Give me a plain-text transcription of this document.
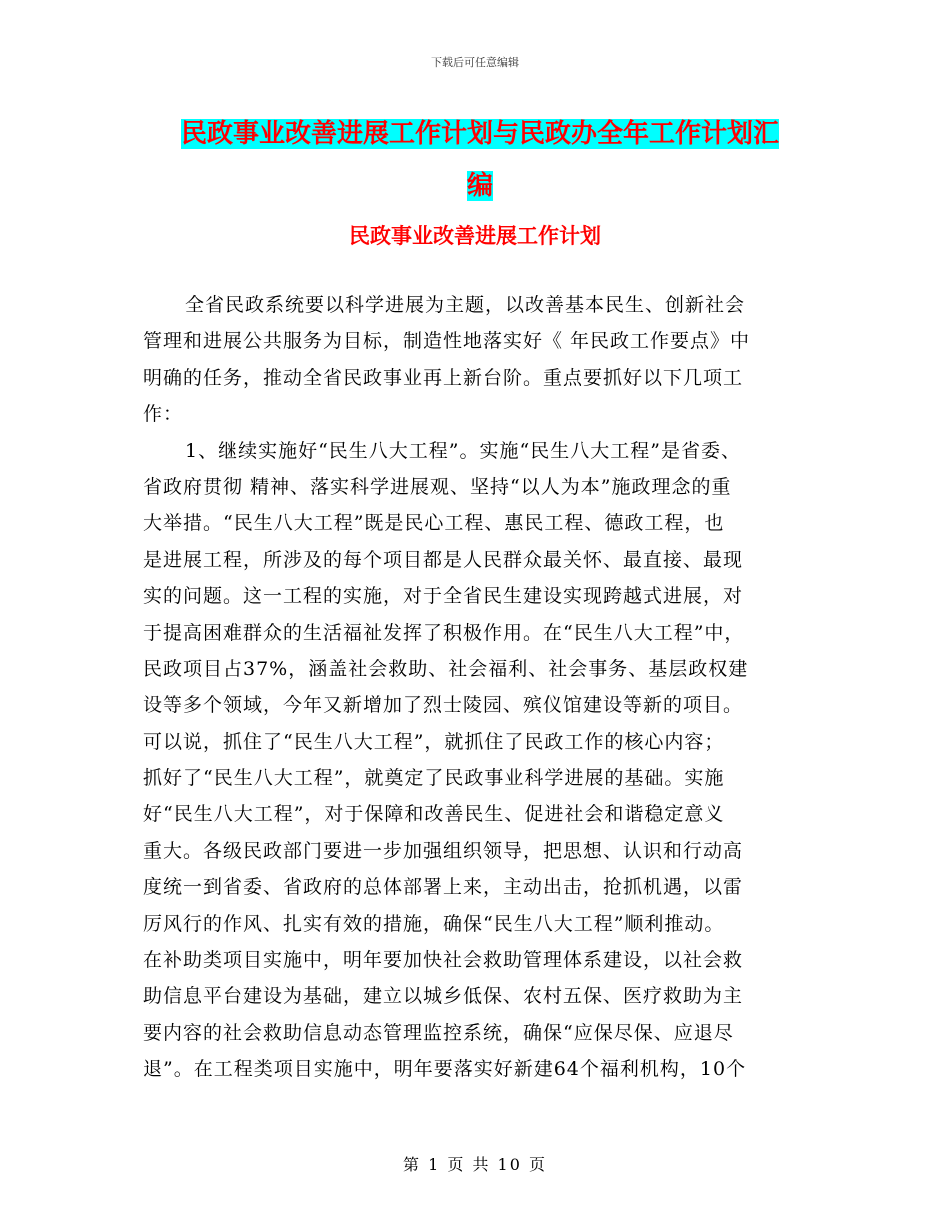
下载后可任意编辑
民政事业改善进展工作计划与民政办全年工作计划汇
编
民政事业改善进展工作计划
全省民政系统要以科学进展为主题，以改善基本民生、创新社会
管理和进展公共服务为目标，制造性地落实好《 年民政工作要点》中
明确的任务，推动全省民政事业再上新台阶。重点要抓好以下几项工
作：
1、继续实施好“民生八大工程”。实施“民生八大工程”是省委、
省政府贯彻 精神、落实科学进展观、坚持“以人为本”施政理念的重
大举措。“民生八大工程”既是民心工程、惠民工程、德政工程，也
是进展工程，所涉及的每个项目都是人民群众最关怀、最直接、最现
实的问题。这一工程的实施，对于全省民生建设实现跨越式进展，对
于提高困难群众的生活福祉发挥了积极作用。在“民生八大工程”中，
民政项目占37%，涵盖社会救助、社会福利、社会事务、基层政权建
设等多个领域，今年又新增加了烈士陵园、殡仪馆建设等新的项目。
可以说，抓住了“民生八大工程”，就抓住了民政工作的核心内容；
抓好了“民生八大工程”，就奠定了民政事业科学进展的基础。实施
好“民生八大工程”，对于保障和改善民生、促进社会和谐稳定意义
重大。各级民政部门要进一步加强组织领导，把思想、认识和行动高
度统一到省委、省政府的总体部署上来，主动出击，抢抓机遇，以雷
厉风行的作风、扎实有效的措施，确保“民生八大工程”顺利推动。
在补助类项目实施中，明年要加快社会救助管理体系建设，以社会救
助信息平台建设为基础，建立以城乡低保、农村五保、医疗救助为主
要内容的社会救助信息动态管理监控系统，确保“应保尽保、应退尽
退”。在工程类项目实施中，明年要落实好新建64个福利机构，10个
第 1 页 共 10 页
